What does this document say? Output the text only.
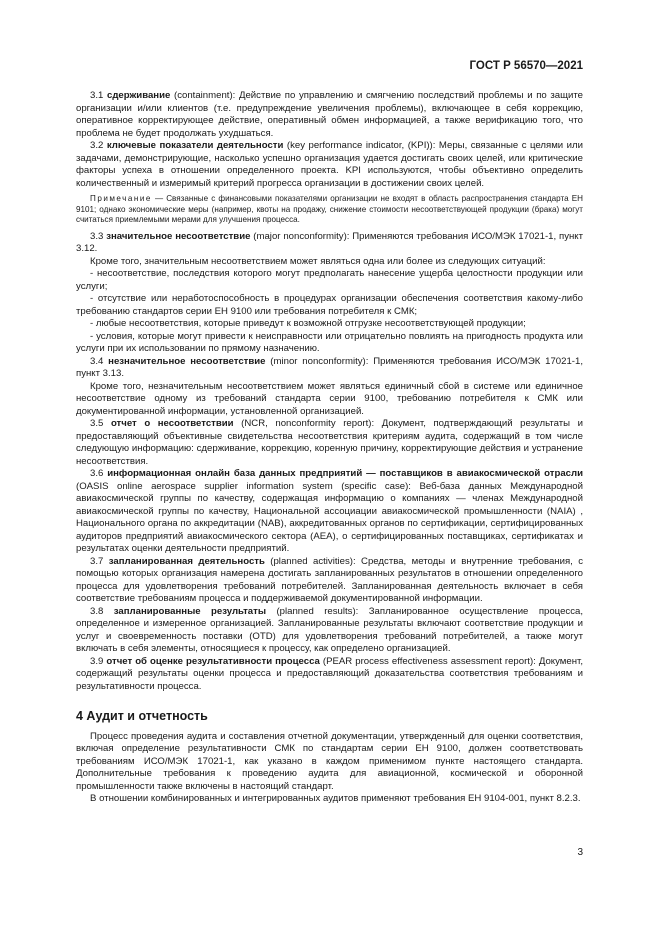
ГОСТ Р 56570—2021

3.1 сдерживание (containment): Действие по управлению и смягчению последствий проблемы и по защите организации и/или клиентов (т.е. предупреждение увеличения проблемы), включающее в себя коррекцию, оперативное корректирующее действие, оперативный обмен информацией, а также верификацию того, что проблема не будет продолжать ухудшаться.

3.2 ключевые показатели деятельности (key performance indicator, (KPI)): Меры, связанные с целями или задачами, демонстрирующие, насколько успешно организация удается достигать своих целей, или критические факторы успеха в отношении определенного проекта. KPI используются, чтобы объективно определить количественный и измеримый критерий прогресса организации в достижении своих целей.

Примечание — Связанные с финансовыми показателями организации не входят в область распространения стандарта ЕН 9101; однако экономические меры (например, квоты на продажу, снижение стоимости несоответствующей продукции (брака) могут считаться приемлемыми мерами для улучшения процесса.

3.3 значительное несоответствие (major nonconformity): Применяются требования ИСО/МЭК 17021-1, пункт 3.12.

Кроме того, значительным несоответствием может являться одна или более из следующих ситуаций:

- несоответствие, последствия которого могут предполагать нанесение ущерба целостности продукции или услуги;

- отсутствие или неработоспособность в процедурах организации обеспечения соответствия какому-либо требованию стандартов серии ЕН 9100 или требования потребителя к СМК;

- любые несоответствия, которые приведут к возможной отгрузке несоответствующей продукции;

- условия, которые могут привести к неисправности или отрицательно повлиять на пригодность продукта или услуги при их использовании по прямому назначению.

3.4 незначительное несоответствие (minor nonconformity): Применяются требования ИСО/МЭК 17021-1, пункт 3.13.

Кроме того, незначительным несоответствием может являться единичный сбой в системе или единичное несоответствие одному из требований стандарта серии 9100, требованию потребителя к СМК или документированной информации, установленной организацией.

3.5 отчет о несоответствии (NCR, nonconformity report): Документ, подтверждающий результаты и предоставляющий объективные свидетельства несоответствия критериям аудита, содержащий в том числе следующую информацию: сдерживание, коррекцию, коренную причину, корректирующие действия и устранение несоответствия.

3.6 информационная онлайн база данных предприятий — поставщиков в авиакосмической отрасли (OASIS online aerospace supplier information system (specific case): Веб-база данных Международной авиакосмической группы по качеству, содержащая информацию о компаниях — членах Международной авиакосмической группы по качеству, Национальной ассоциации авиакосмической промышленности (NAIA) , Национального органа по аккредитации (NAB), аккредитованных органов по сертификации, сертифицированных аудиторов предприятий авиакосмического сектора (AEA), о сертифицированных поставщиках, сертификатах и результатах оценки деятельности предприятий.

3.7 запланированная деятельность (planned activities): Средства, методы и внутренние требования, с помощью которых организация намерена достигать запланированных результатов в отношении определенного процесса для удовлетворения требований потребителей. Запланированная деятельность включает в себя соответствие требованиям процесса и поддерживаемой документированной информации.

3.8 запланированные результаты (planned results): Запланированное осуществление процесса, определенное и измеренное организацией. Запланированные результаты включают соответствие продукции и услуг и своевременность поставки (OTD) для удовлетворения требований потребителей, а также могут включать в себя элементы, относящиеся к процессу, как определено организацией.

3.9 отчет об оценке результативности процесса (PEAR process effectiveness assessment report): Документ, содержащий результаты оценки процесса и предоставляющий доказательства соответствия требованиям и результативности процесса.

4 Аудит и отчетность

Процесс проведения аудита и составления отчетной документации, утвержденный для оценки соответствия, включая определение результативности СМК по стандартам серии ЕН 9100, должен соответствовать требованиям ИСО/МЭК 17021-1, как указано в каждом применимом пункте настоящего стандарта. Дополнительные требования к проведению аудита для авиационной, космической и оборонной промышленности также включены в настоящий стандарт.

В отношении комбинированных и интегрированных аудитов применяют требования ЕН 9104-001, пункт 8.2.3.

3
